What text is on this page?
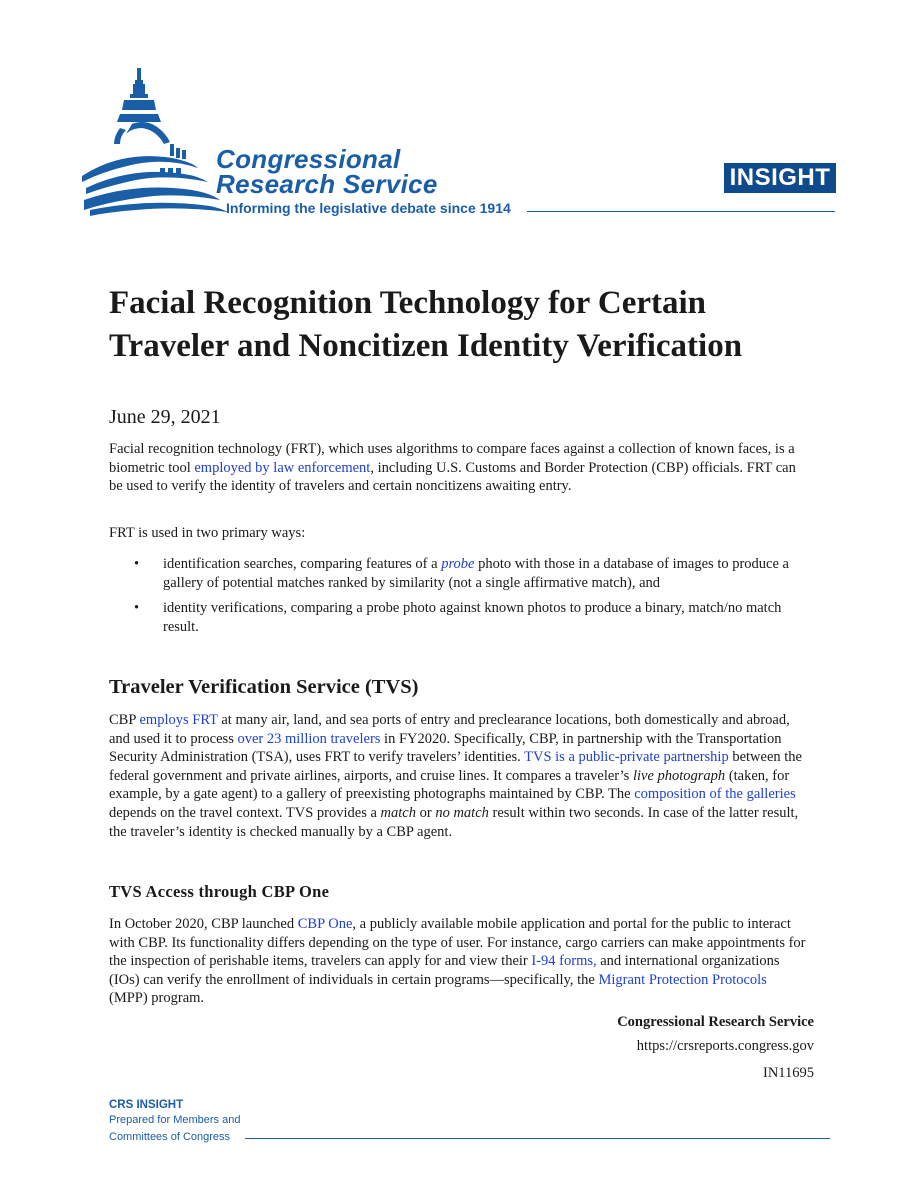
Congressional
Research Service
Informing the legislative debate since 1914
INSIGHT
Facial Recognition Technology for Certain
Traveler and Noncitizen Identity Verification
June 29, 2021

Facial recognition technology (FRT), which uses algorithms to compare faces against a collection of known faces, is a biometric tool employed by law enforcement, including U.S. Customs and Border Protection (CBP) officials. FRT can be used to verify the identity of travelers and certain noncitizens awaiting entry.

FRT is used in two primary ways:

• identification searches, comparing features of a probe photo with those in a database of images to produce a gallery of potential matches ranked by similarity (not a single affirmative match), and
• identity verifications, comparing a probe photo against known photos to produce a binary, match/no match result.
Traveler Verification Service (TVS)

CBP employs FRT at many air, land, and sea ports of entry and preclearance locations, both domestically and abroad, and used it to process over 23 million travelers in FY2020. Specifically, CBP, in partnership with the Transportation Security Administration (TSA), uses FRT to verify travelers’ identities. TVS is a public-private partnership between the federal government and private airlines, airports, and cruise lines. It compares a traveler’s live photograph (taken, for example, by a gate agent) to a gallery of preexisting photographs maintained by CBP. The composition of the galleries depends on the travel context. TVS provides a match or no match result within two seconds. In case of the latter result, the traveler’s identity is checked manually by a CBP agent.

TVS Access through CBP One

In October 2020, CBP launched CBP One, a publicly available mobile application and portal for the public to interact with CBP. Its functionality differs depending on the type of user. For instance, cargo carriers can make appointments for the inspection of perishable items, travelers can apply for and view their I-94 forms, and international organizations (IOs) can verify the enrollment of individuals in certain programs—specifically, the Migrant Protection Protocols (MPP) program.

Congressional Research Service
https://crsreports.congress.gov
IN11695
CRS INSIGHT
Prepared for Members and
Committees of Congress
